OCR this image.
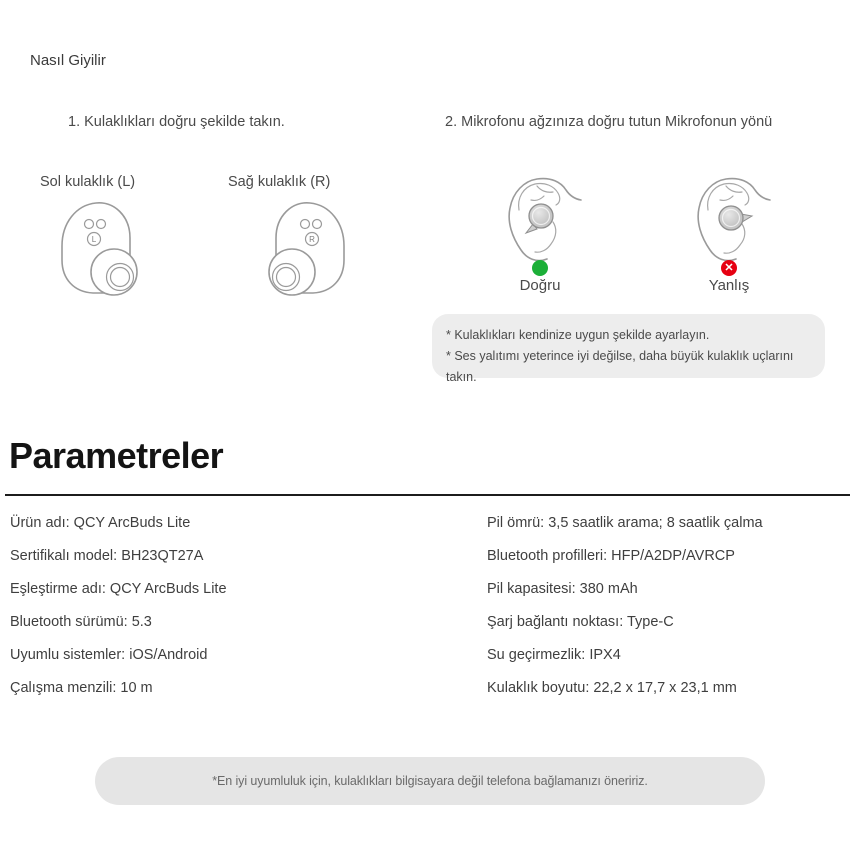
Nasıl Giyilir
1. Kulaklıkları doğru şekilde takın.	2. Mikrofonu ağzınıza doğru tutun Mikrofonun yönü
Sol kulaklık (L)	Sağ kulaklık (R)
L	R
✕
Doğru	Yanlış
* Kulaklıkları kendinize uygun şekilde ayarlayın.
* Ses yalıtımı yeterince iyi değilse, daha büyük kulaklık uçlarını takın.
Parametreler
Ürün adı: QCY ArcBuds Lite
Sertifikalı model: BH23QT27A
Eşleştirme adı: QCY ArcBuds Lite
Bluetooth sürümü: 5.3
Uyumlu sistemler: iOS/Android
Çalışma menzili: 10 m
Pil ömrü: 3,5 saatlik arama; 8 saatlik çalma
Bluetooth profilleri: HFP/A2DP/AVRCP
Pil kapasitesi: 380 mAh
Şarj bağlantı noktası: Type-C
Su geçirmezlik: IPX4
Kulaklık boyutu: 22,2 x 17,7 x 23,1 mm
*En iyi uyumluluk için, kulaklıkları bilgisayara değil telefona bağlamanızı öneririz.
